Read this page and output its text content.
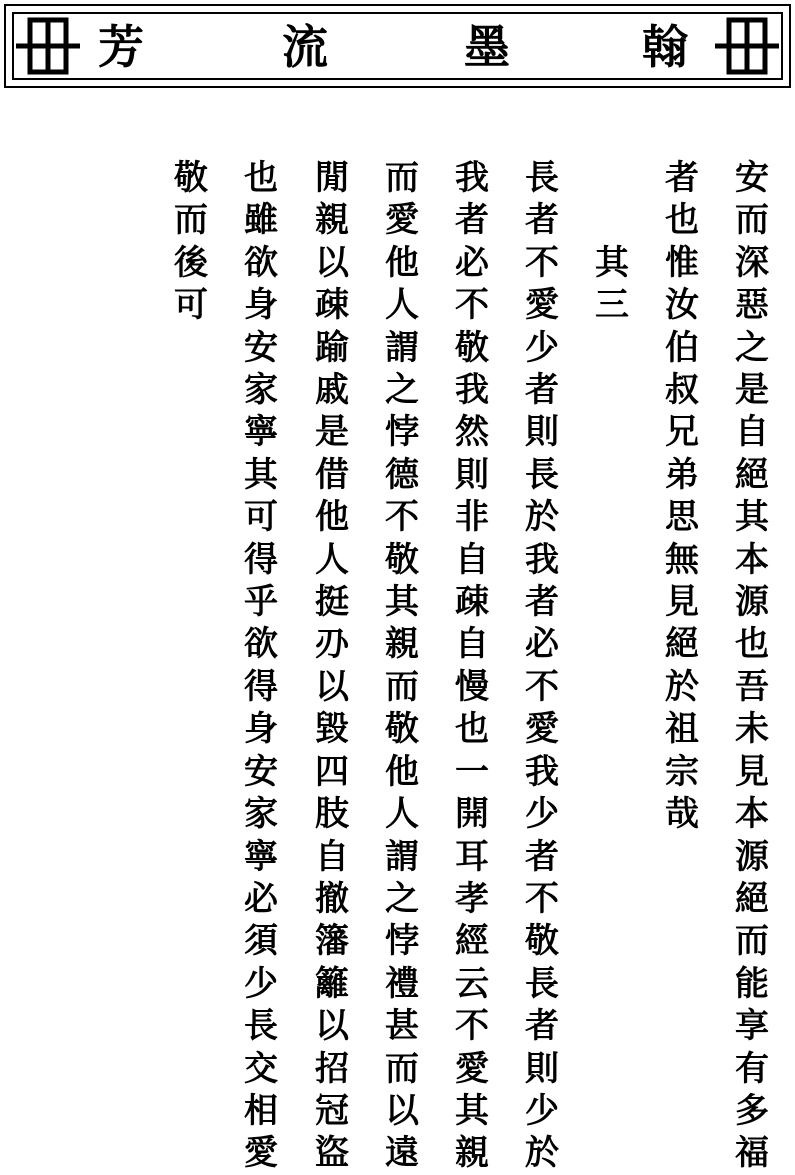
芳	流	墨	翰
安而深惡之是自絕其本源也吾未見本源絕而能享有多福
者也惟汝伯叔兄弟思無見絕於祖宗哉
其三
長者不愛少者則長於我者必不愛我少者不敬長者則少於
我者必不敬我然則非自疎自慢也一開耳孝經云不愛其親
而愛他人謂之悖德不敬其親而敬他人謂之悖禮甚而以遠
閒親以疎踰戚是借他人挺刅以毀四肢自撤籓籬以招冠盜
也雖欲身安家寧其可得乎欲得身安家寧必須少長交相愛
敬而後可
